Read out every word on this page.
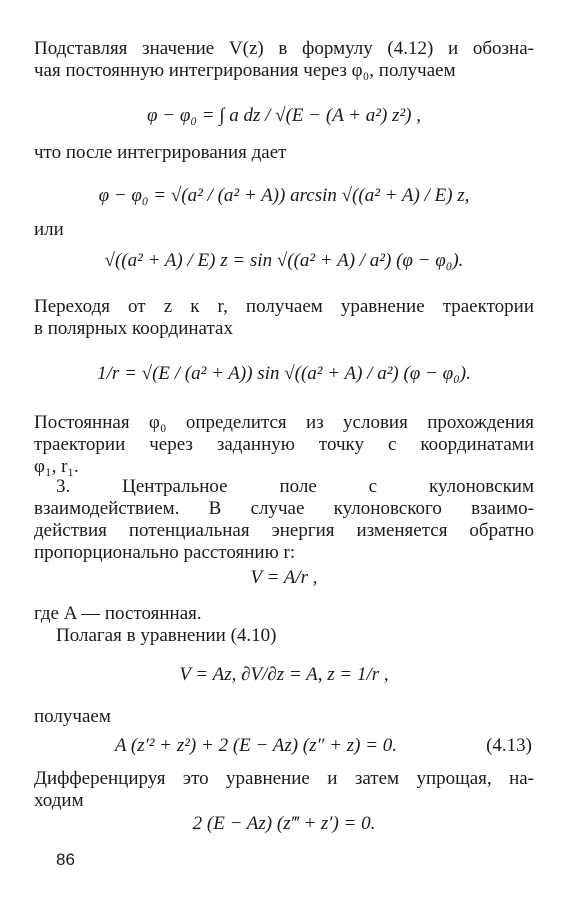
Подставляя значение V(z) в формулу (4.12) и обозна-
чая постоянную интегрирования через φ₀, получаем
φ − φ₀ = ∫ a dz / √(E − (A + a²) z²) ,
что после интегрирования дает
φ − φ₀ = √(a² / (a² + A)) arcsin √((a² + A) / E) z,
или
√((a² + A) / E) z = sin √((a² + A) / a²) (φ − φ₀).
Переходя от z к r, получаем уравнение траектории
в полярных координатах
1/r = √(E / (a² + A)) sin √((a² + A) / a²) (φ − φ₀).
Постоянная φ₀ определится из условия прохождения
траектории через заданную точку с координатами
φ₁, r₁.
3. Центральное поле с кулоновским
взаимодействием. В случае кулоновского взаимо-
действия потенциальная энергия изменяется обратно
пропорционально расстоянию r:
V = A/r ,
где A — постоянная.
Полагая в уравнении (4.10)
V = Az, ∂V/∂z = A, z = 1/r ,
получаем
A (z′² + z²) + 2 (E − Az) (z″ + z) = 0.	(4.13)
Дифференцируя это уравнение и затем упрощая, на-
ходим
2 (E − Az) (z‴ + z′) = 0.
86
